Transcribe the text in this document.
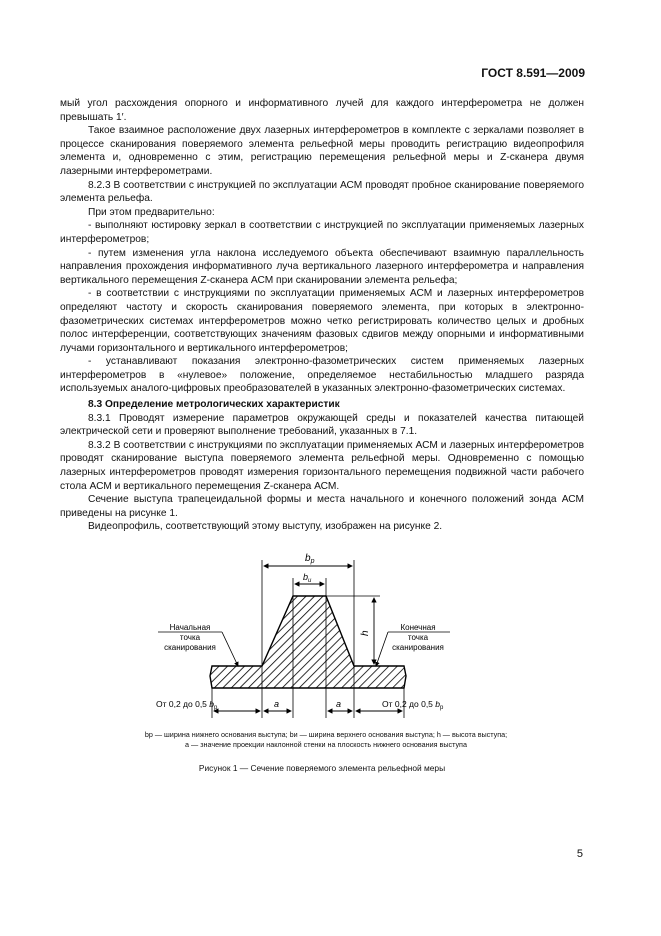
ГОСТ 8.591—2009

мый угол расхождения опорного и информативного лучей для каждого интерферометра не должен превышать 1′.

Такое взаимное расположение двух лазерных интерферометров в комплекте с зеркалами позволяет в процессе сканирования поверяемого элемента рельефной меры проводить регистрацию видеопрофиля элемента и, одновременно с этим, регистрацию перемещения рельефной меры и Z-сканера двумя лазерными интерферометрами.

8.2.3 В соответствии с инструкцией по эксплуатации АСМ проводят пробное сканирование поверяемого элемента рельефа.

При этом предварительно:

- выполняют юстировку зеркал в соответствии с инструкцией по эксплуатации применяемых лазерных интерферометров;

- путем изменения угла наклона исследуемого объекта обеспечивают взаимную параллельность направления прохождения информативного луча вертикального лазерного интерферометра и направления вертикального перемещения Z-сканера АСМ при сканировании элемента рельефа;

- в соответствии с инструкциями по эксплуатации применяемых АСМ и лазерных интерферометров определяют частоту и скорость сканирования поверяемого элемента, при которых в электронно-фазометрических системах интерферометров можно четко регистрировать количество целых и дробных полос интерференции, соответствующих значениям фазовых сдвигов между опорными и информативными лучами горизонтального и вертикального интерферометров;

- устанавливают показания электронно-фазометрических систем применяемых лазерных интерферометров в «нулевое» положение, определяемое нестабильностью младшего разряда используемых аналого-цифровых преобразователей в указанных электронно-фазометрических системах.

8.3 Определение метрологических характеристик

8.3.1 Проводят измерение параметров окружающей среды и показателей качества питающей электрической сети и проверяют выполнение требований, указанных в 7.1.

8.3.2 В соответствии с инструкциями по эксплуатации применяемых АСМ и лазерных интерферометров проводят сканирование выступа поверяемого элемента рельефной меры. Одновременно с помощью лазерных интерферометров проводят измерения горизонтального перемещения подвижной части рабочего стола АСМ и вертикального перемещения Z-сканера АСМ.

Сечение выступа трапецеидальной формы и места начального и конечного положений зонда АСМ приведены на рисунке 1.

Видеопрофиль, соответствующий этому выступу, изображен на рисунке 2.

$b_р$
$b_и$
h
Начальная
точка
сканирования
Конечная
точка
сканирования
От 0,2 до 0,5 $b_р$	a	a	От 0,2 до 0,5 $b_р$

bр — ширина нижнего основания выступа; bи — ширина верхнего основания выступа; h — высота выступа;

a — значение проекции наклонной стенки на плоскость нижнего основания выступа

Рисунок 1 — Сечение поверяемого элемента рельефной меры
5
